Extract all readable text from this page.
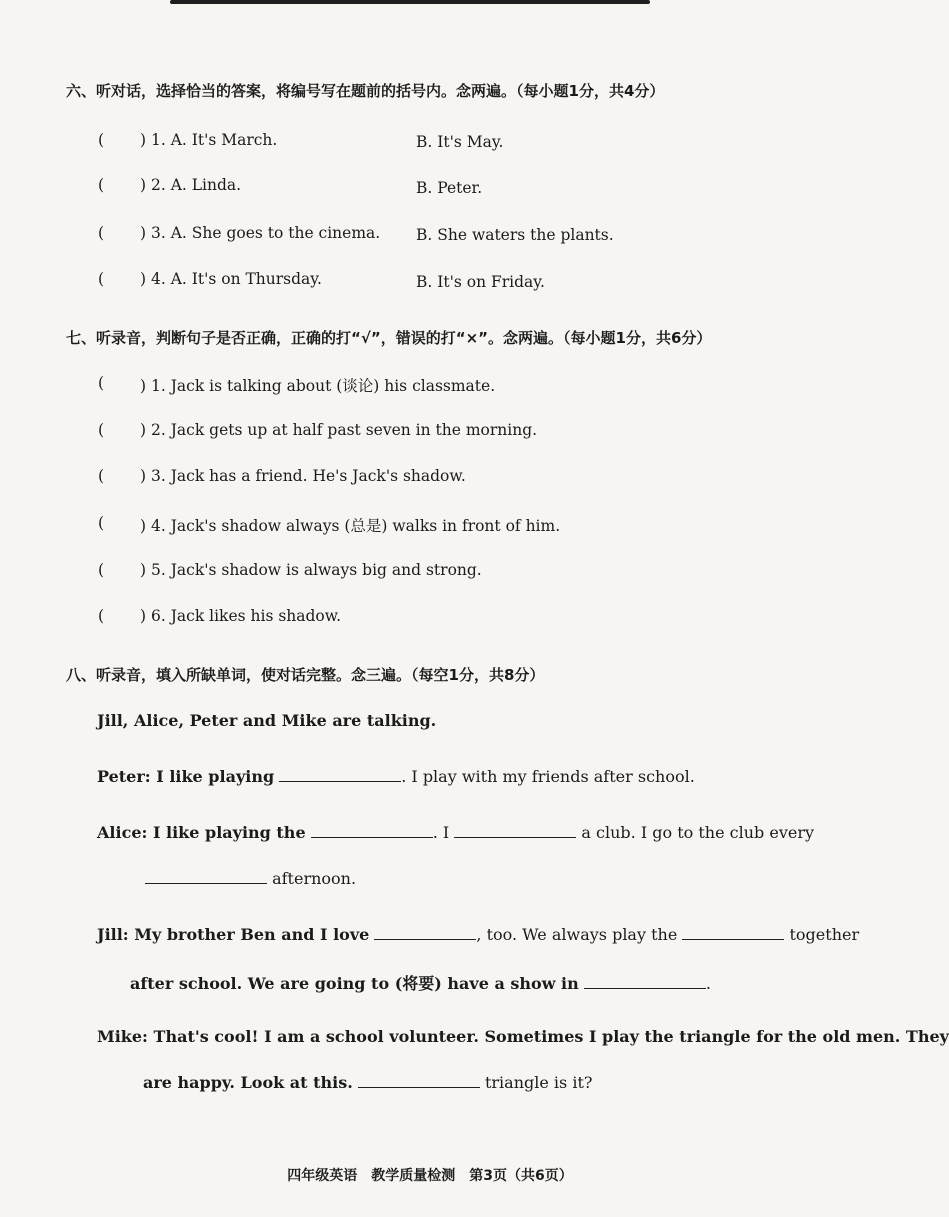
六、听对话，选择恰当的答案，将编号写在题前的括号内。念两遍。（每小题1分，共4分）
( ) 1. A. It's March.	B. It's May.
( ) 2. A. Linda.	B. Peter.
( ) 3. A. She goes to the cinema. B. She waters the plants.
( ) 4. A. It's on Thursday.	B. It's on Friday.
七、听录音，判断句子是否正确，正确的打“√”，错误的打“×”。念两遍。（每小题1分，共6分）
( ) 1. Jack is talking about (谈论) his classmate.
( ) 2. Jack gets up at half past seven in the morning.
( ) 3. Jack has a friend. He's Jack's shadow.
( ) 4. Jack's shadow always (总是) walks in front of him.
( ) 5. Jack's shadow is always big and strong.
( ) 6. Jack likes his shadow.
八、听录音，填入所缺单词，使对话完整。念三遍。（每空1分，共8分）
Jill, Alice, Peter and Mike are talking.
Peter: I like playing	. I play with my friends after school.
Alice: I like playing the	. I	a club. I go to the club every
afternoon.
Jill: My brother Ben and I love	, too. We always play the	together
after school. We are going to (将要) have a show in	.
Mike: That's cool! I am a school volunteer. Sometimes I play the triangle for the old men. They
are happy. Look at this.	triangle is it?
四年级英语　教学质量检测　第3页（共6页）
